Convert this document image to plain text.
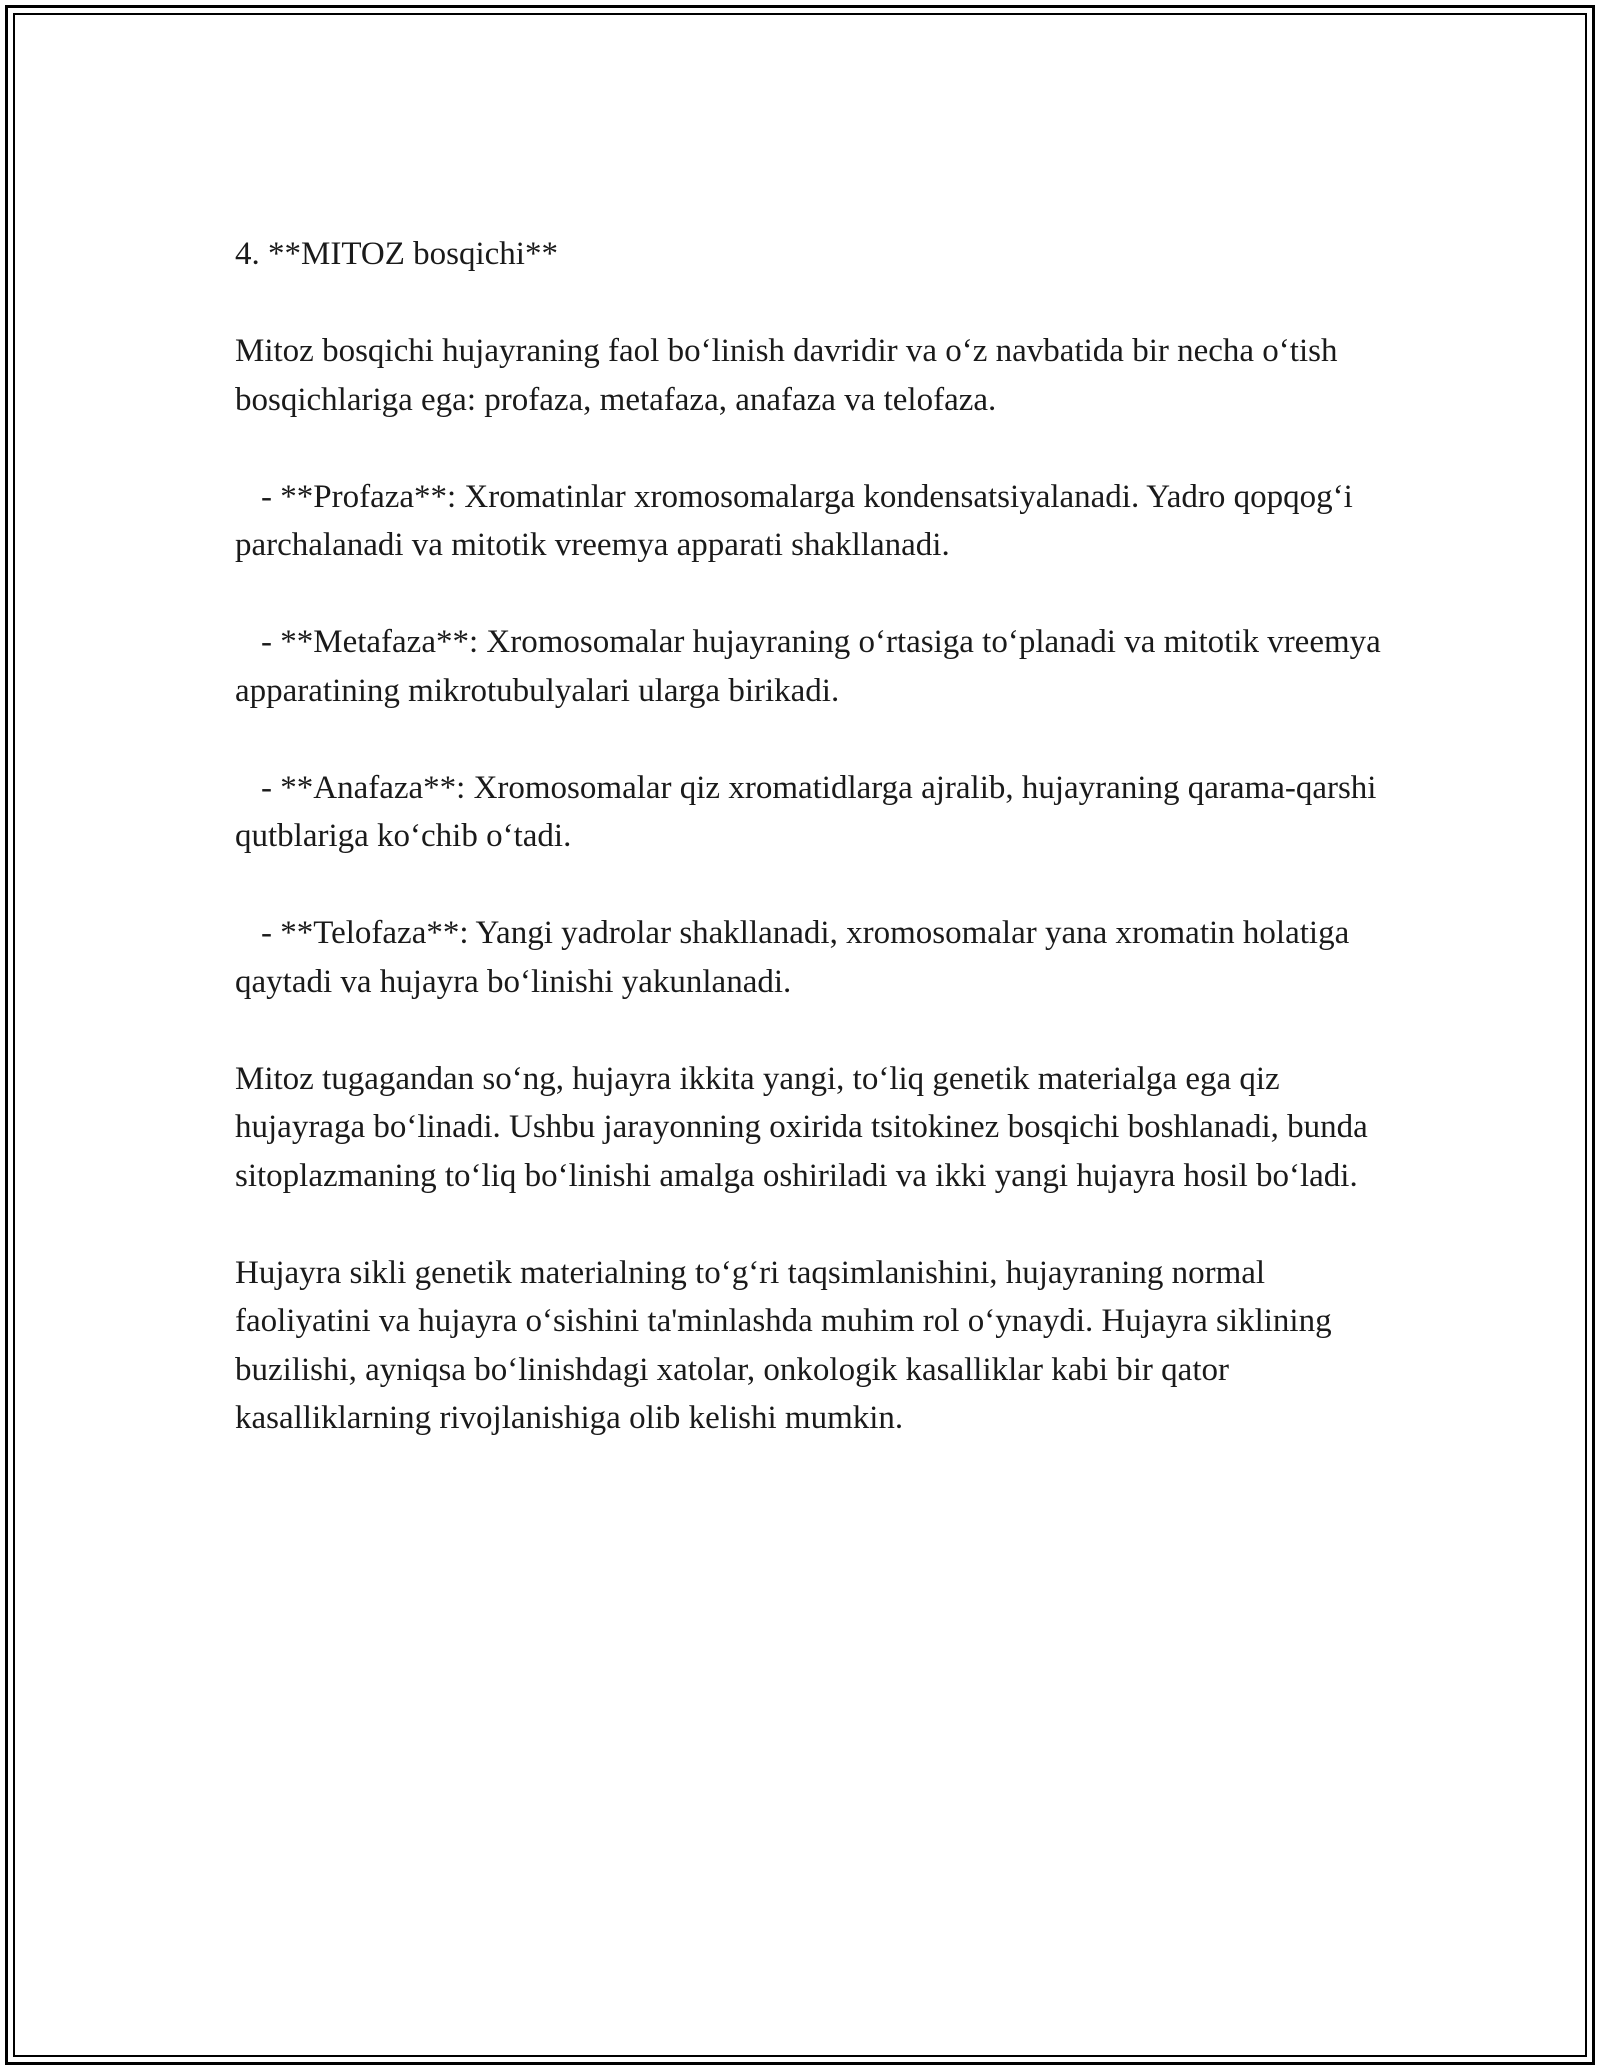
4. **MITOZ bosqichi**

Mitoz bosqichi hujayraning faol bo‘linish davridir va o‘z navbatida bir necha o‘tish bosqichlariga ega: profaza, metafaza, anafaza va telofaza.

- **Profaza**: Xromatinlar xromosomalarga kondensatsiyalanadi. Yadro qopqog‘i parchalanadi va mitotik vreemya apparati shakllanadi.

- **Metafaza**: Xromosomalar hujayraning o‘rtasiga to‘planadi va mitotik vreemya apparatining mikrotubulyalari ularga birikadi.

- **Anafaza**: Xromosomalar qiz xromatidlarga ajralib, hujayraning qarama-qarshi qutblariga ko‘chib o‘tadi.

- **Telofaza**: Yangi yadrolar shakllanadi, xromosomalar yana xromatin holatiga qaytadi va hujayra bo‘linishi yakunlanadi.

Mitoz tugagandan so‘ng, hujayra ikkita yangi, to‘liq genetik materialga ega qiz hujayraga bo‘linadi. Ushbu jarayonning oxirida tsitokinez bosqichi boshlanadi, bunda sitoplazmaning to‘liq bo‘linishi amalga oshiriladi va ikki yangi hujayra hosil bo‘ladi.

Hujayra sikli genetik materialning to‘g‘ri taqsimlanishini, hujayraning normal faoliyatini va hujayra o‘sishini ta'minlashda muhim rol o‘ynaydi. Hujayra siklining buzilishi, ayniqsa bo‘linishdagi xatolar, onkologik kasalliklar kabi bir qator kasalliklarning rivojlanishiga olib kelishi mumkin.
